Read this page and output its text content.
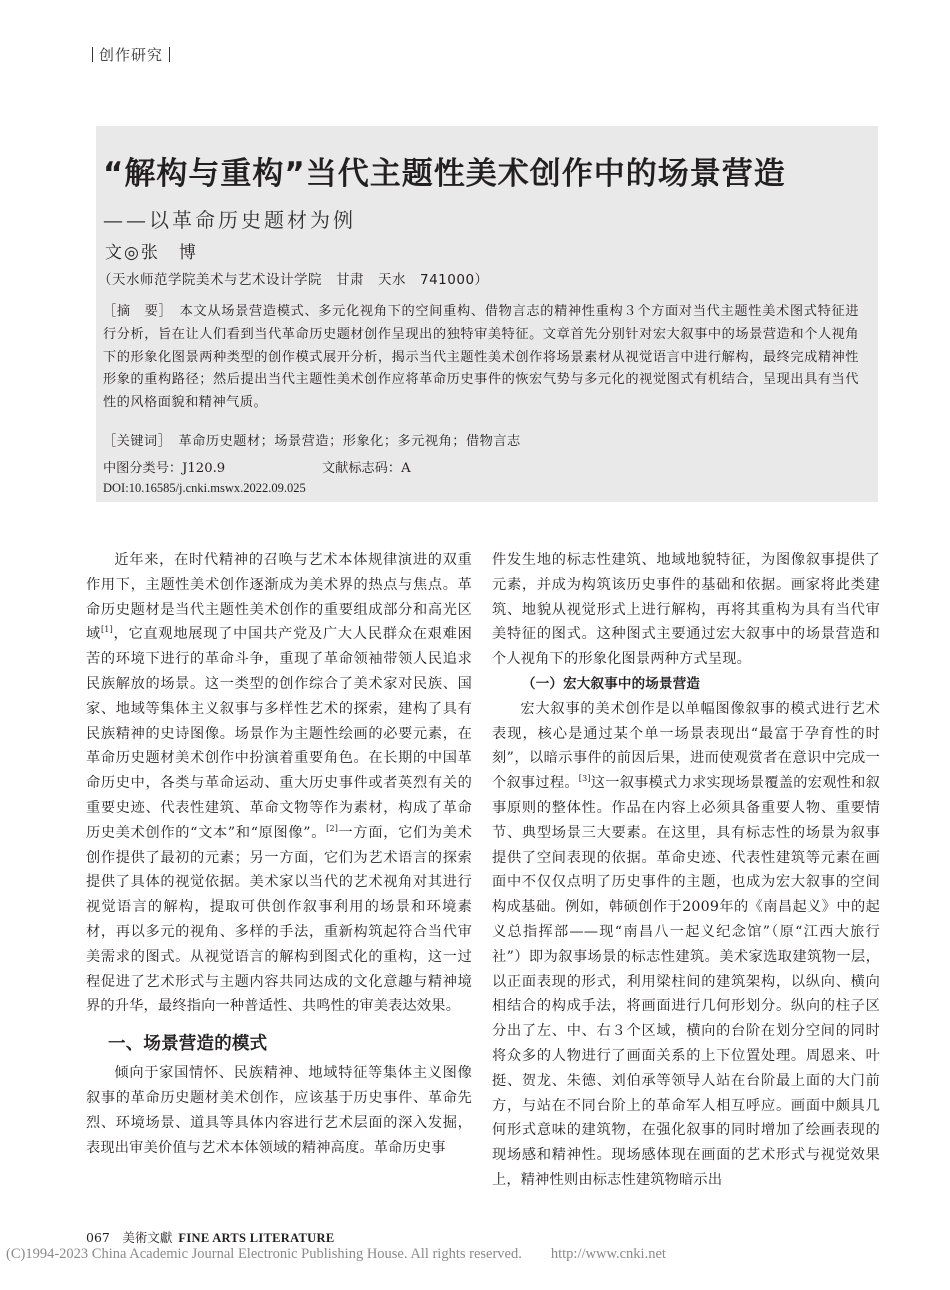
创作研究
“解构与重构”当代主题性美术创作中的场景营造
——以革命历史题材为例
文◎张　博
（天水师范学院美术与艺术设计学院　甘肃　天水　741000）
［摘　要］　 本文从场景营造模式、多元化视角下的空间重构、借物言志的精神性重构３个方面对当代主题性美术图式特征进行分析，旨在让人们看到当代革命历史题材创作呈现出的独特审美特征。文章首先分别针对宏大叙事中的场景营造和个人视角下的形象化图景两种类型的创作模式展开分析，揭示当代主题性美术创作将场景素材从视觉语言中进行解构，最终完成精神性形象的重构路径；然后提出当代主题性美术创作应将革命历史事件的恢宏气势与多元化的视觉图式有机结合，呈现出具有当代性的风格面貌和精神气质。
［关键词］　 革命历史题材；场景营造；形象化；多元视角；借物言志
中图分类号：J120.9	文献标志码：A
DOI:10.16585/j.cnki.mswx.2022.09.025

近年来，在时代精神的召唤与艺术本体规律演进的双重作用下，主题性美术创作逐渐成为美术界的热点与焦点。革命历史题材是当代主题性美术创作的重要组成部分和高光区域[1]，它直观地展现了中国共产党及广大人民群众在艰难困苦的环境下进行的革命斗争，重现了革命领袖带领人民追求民族解放的场景。这一类型的创作综合了美术家对民族、国家、地域等集体主义叙事与多样性艺术的探索，建构了具有民族精神的史诗图像。场景作为主题性绘画的必要元素，在革命历史题材美术创作中扮演着重要角色。在长期的中国革命历史中，各类与革命运动、重大历史事件或者英烈有关的重要史迹、代表性建筑、革命文物等作为素材，构成了革命历史美术创作的“文本”和“原图像”。[2]一方面，它们为美术创作提供了最初的元素；另一方面，它们为艺术语言的探索提供了具体的视觉依据。美术家以当代的艺术视角对其进行视觉语言的解构，提取可供创作叙事利用的场景和环境素材，再以多元的视角、多样的手法，重新构筑起符合当代审美需求的图式。从视觉语言的解构到图式化的重构，这一过程促进了艺术形式与主题内容共同达成的文化意趣与精神境界的升华，最终指向一种普适性、共鸣性的审美表达效果。

一、场景营造的模式

倾向于家国情怀、民族精神、地域特征等集体主义图像叙事的革命历史题材美术创作，应该基于历史事件、革命先烈、环境场景、道具等具体内容进行艺术层面的深入发掘，表现出审美价值与艺术本体领域的精神高度。革命历史事

件发生地的标志性建筑、地域地貌特征，为图像叙事提供了元素，并成为构筑该历史事件的基础和依据。画家将此类建筑、地貌从视觉形式上进行解构，再将其重构为具有当代审美特征的图式。这种图式主要通过宏大叙事中的场景营造和个人视角下的形象化图景两种方式呈现。

（一）宏大叙事中的场景营造

宏大叙事的美术创作是以单幅图像叙事的模式进行艺术表现，核心是通过某个单一场景表现出“最富于孕育性的时刻”，以暗示事件的前因后果，进而使观赏者在意识中完成一个叙事过程。[3]这一叙事模式力求实现场景覆盖的宏观性和叙事原则的整体性。作品在内容上必须具备重要人物、重要情节、典型场景三大要素。在这里，具有标志性的场景为叙事提供了空间表现的依据。革命史迹、代表性建筑等元素在画面中不仅仅点明了历史事件的主题，也成为宏大叙事的空间构成基础。例如，韩硕创作于2009年的《南昌起义》中的起义总指挥部——现“南昌八一起义纪念馆”（原“江西大旅行社”）即为叙事场景的标志性建筑。美术家选取建筑物一层，以正面表现的形式，利用梁柱间的建筑架构，以纵向、横向相结合的构成手法，将画面进行几何形划分。纵向的柱子区分出了左、中、右３个区域，横向的台阶在划分空间的同时将众多的人物进行了画面关系的上下位置处理。周恩来、叶挺、贺龙、朱德、刘伯承等领导人站在台阶最上面的大门前方，与站在不同台阶上的革命军人相互呼应。画面中颇具几何形式意味的建筑物，在强化叙事的同时增加了绘画表现的现场感和精神性。现场感体现在画面的艺术形式与视觉效果上，精神性则由标志性建筑物暗示出

067　 美術文獻 FINE ARTS LITERATURE
(C)1994-2023 China Academic Journal Electronic Publishing House. All rights reserved.　　http://www.cnki.net
